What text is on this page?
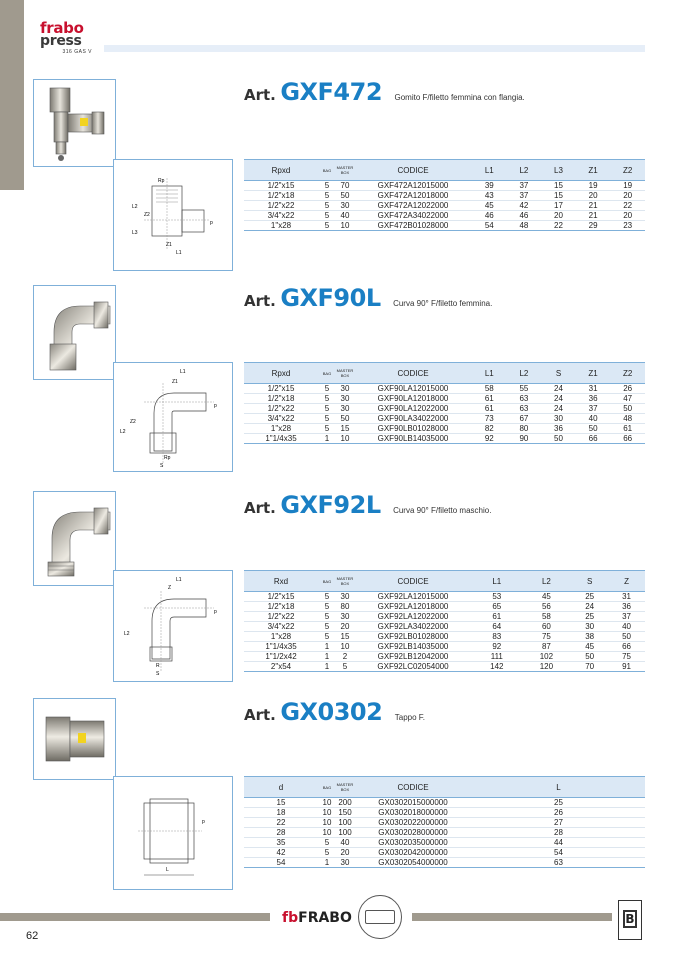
frabo
press
316 GAS V
Rp
L2
Z2
L3
Z1
L1
p
Art. GXF472 Gomito F/filetto femmina con flangia.
Rpxd	BAG	MASTER BOX	CODICE	L1	L2	L3	Z1	Z2
1/2"x15	5	70	GXF472A12015000	39	37	15	19	19
1/2"x18	5	50	GXF472A12018000	43	37	15	20	20
1/2"x22	5	30	GXF472A12022000	45	42	17	21	22
3/4"x22	5	40	GXF472A34022000	46	46	20	21	20
1"x28	5	10	GXF472B01028000	54	48	22	29	23
L1
Z1
Z2
L2
Rp
S
p
Art. GXF90L Curva 90° F/filetto femmina.
Rpxd	BAG	MASTER BOX	CODICE	L1	L2	S	Z1	Z2
1/2"x15	5	30	GXF90LA12015000	58	55	24	31	26
1/2"x18	5	30	GXF90LA12018000	61	63	24	36	47
1/2"x22	5	30	GXF90LA12022000	61	63	24	37	50
3/4"x22	5	50	GXF90LA34022000	73	67	30	40	48
1"x28	5	15	GXF90LB01028000	82	80	36	50	61
1"1/4x35	1	10	GXF90LB14035000	92	90	50	66	66
L1
Z
L2
R
S
p
Art. GXF92L Curva 90° F/filetto maschio.
Rxd	BAG	MASTER BOX	CODICE	L1	L2	S	Z
1/2"x15	5	30	GXF92LA12015000	53	45	25	31
1/2"x18	5	80	GXF92LA12018000	65	56	24	36
1/2"x22	5	30	GXF92LA12022000	61	58	25	37
3/4"x22	5	20	GXF92LA34022000	64	60	30	40
1"x28	5	15	GXF92LB01028000	83	75	38	50
1"1/4x35	1	10	GXF92LB14035000	92	87	45	66
1"1/2x42	1	2	GXF92LB12042000	111	102	50	75
2"x54	1	5	GXF92LC02054000	142	120	70	91
p
L
Art. GX0302 Tappo F.
d	BAG	MASTER BOX	CODICE	L
15	10	200	GX0302015000000	25
18	10	150	GX0302018000000	26
22	10	100	GX0302022000000	27
28	10	100	GX0302028000000	28
35	5	40	GX0302035000000	44
42	5	20	GX0302042000000	54
54	1	30	GX0302054000000	63
fbFRABO	B
62
